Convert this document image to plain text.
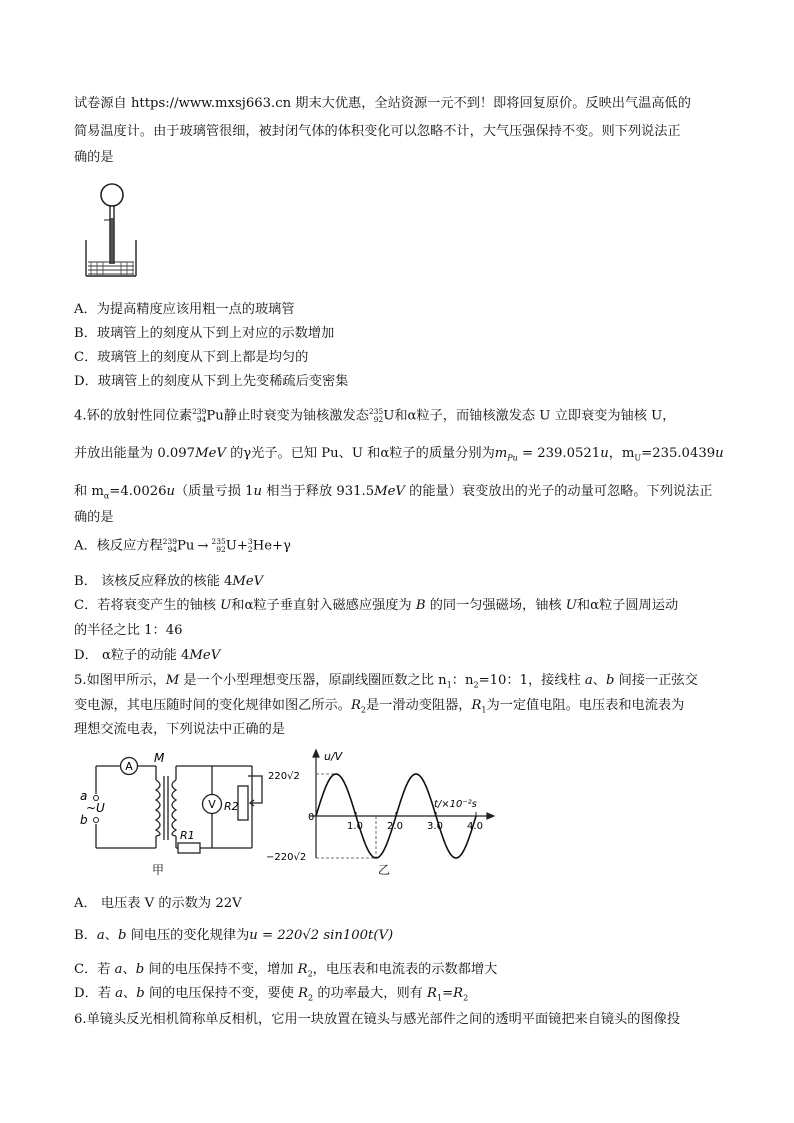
试卷源自 https://www.mxsj663.cn 期末大优惠，全站资源一元不到！即将回复原价。反映出气温高低的
简易温度计。由于玻璃管很细，被封闭气体的体积变化可以忽略不计，大气压强保持不变。则下列说法正
确的是
A．为提高精度应该用粗一点的玻璃管
B．玻璃管上的刻度从下到上对应的示数增加
C．玻璃管上的刻度从下到上都是均匀的
D．玻璃管上的刻度从下到上先变稀疏后变密集
4.钚的放射性同位素239
94Pu静止时衰变为铀核激发态235
92U和α粒子，而铀核激发态 U 立即衰变为铀核 U，
并放出能量为 0.097MeV 的γ光子。已知 Pu、U 和α粒子的质量分别为$m_{Pu} = 239.0521u$，$m_U=235.0439u$
和 $m_\alpha=4.0026u$（质量亏损 1u 相当于释放 931.5MeV 的能量）衰变放出的光子的动量可忽略。下列说法正
确的是
A．核反应方程239
94Pu → 235
92U+3
2He+γ
B． 该核反应释放的核能 4MeV
C．若将衰变产生的铀核 U和α粒子垂直射入磁感应强度为 B 的同一匀强磁场，铀核 U和α粒子圆周运动
的半径之比 1：46
D． α粒子的动能 4MeV
5.如图甲所示，M 是一个小型理想变压器，原副线圈匝数之比 $n_1$：$n_2=10$：1，接线柱 a、b 间接一正弦交
变电源，其电压随时间的变化规律如图乙所示。$R_2$是一滑动变阻器，$R_1$为一定值电阻。电压表和电流表为
理想交流电表，下列说法中正确的是
A
V
a
b
~U
M
R1
R2
甲
u/V
t/×10⁻²s
220√2
−220√2
0
1.0 2.0 3.0 4.0
乙
A． 电压表 V 的示数为 22V
B．a、b 间电压的变化规律为u = 220√2 sin100t(V)
C．若 a、b 间的电压保持不变，增加 $R_2$，电压表和电流表的示数都增大
D．若 a、b 间的电压保持不变，要使 $R_2$ 的功率最大，则有 $R_1=R_2$
6.单镜头反光相机简称单反相机，它用一块放置在镜头与感光部件之间的透明平面镜把来自镜头的图像投
